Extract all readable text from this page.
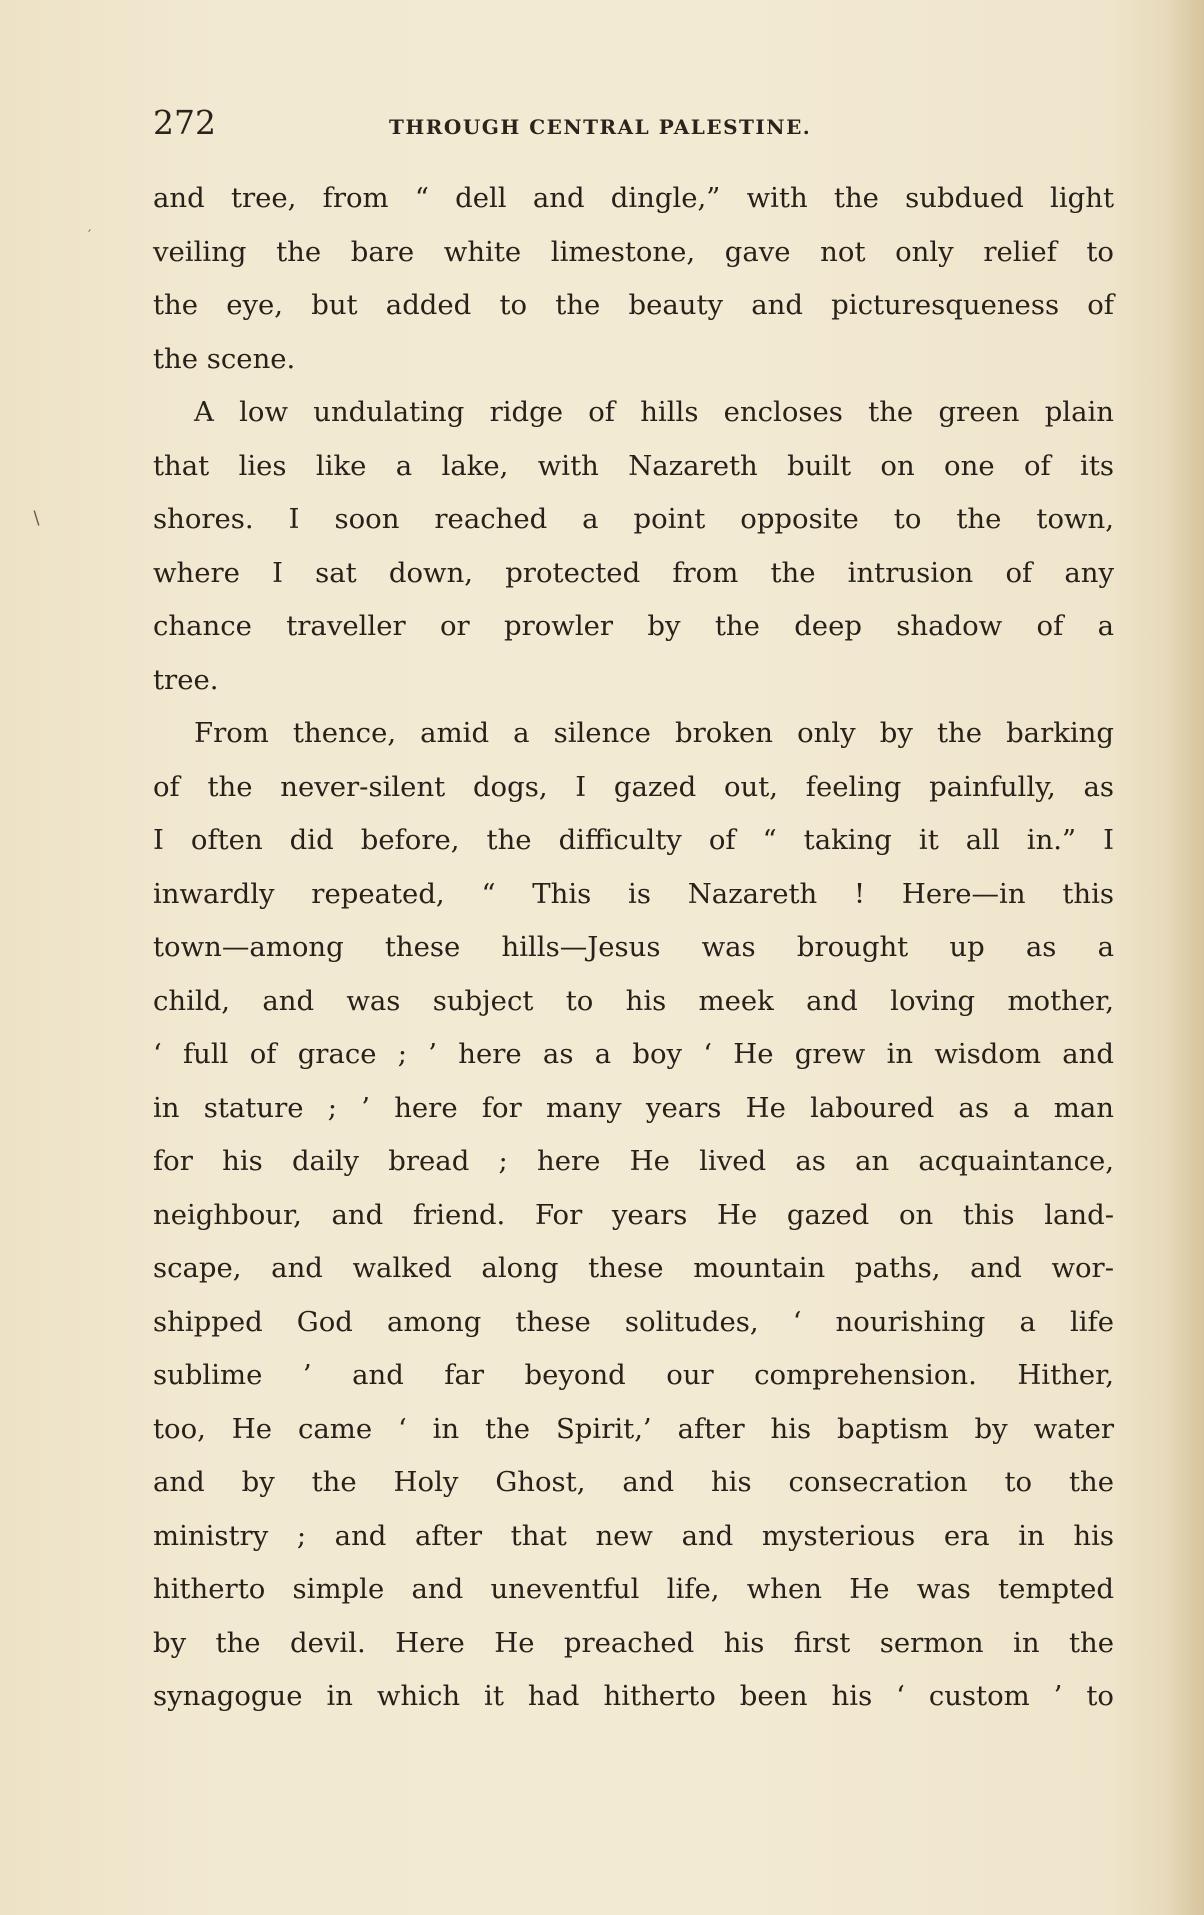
272	THROUGH CENTRAL PALESTINE.
and tree, from “ dell and dingle,” with the subdued light
veiling the bare white limestone, gave not only relief to
the eye, but added to the beauty and picturesqueness of
the scene.
A low undulating ridge of hills encloses the green plain
that lies like a lake, with Nazareth built on one of its
shores. I soon reached a point opposite to the town,
where I sat down, protected from the intrusion of any
chance traveller or prowler by the deep shadow of a
tree.
From thence, amid a silence broken only by the barking
of the never-silent dogs, I gazed out, feeling painfully, as
I often did before, the difficulty of “ taking it all in.” I
inwardly repeated, “ This is Nazareth ! Here—in this
town—among these hills—Jesus was brought up as a
child, and was subject to his meek and loving mother,
‘ full of grace ; ’ here as a boy ‘ He grew in wisdom and
in stature ; ’ here for many years He laboured as a man
for his daily bread ; here He lived as an acquaintance,
neighbour, and friend. For years He gazed on this land-
scape, and walked along these mountain paths, and wor-
shipped God among these solitudes, ‘ nourishing a life
sublime ’ and far beyond our comprehension. Hither,
too, He came ‘ in the Spirit,’ after his baptism by water
and by the Holy Ghost, and his consecration to the
ministry ; and after that new and mysterious era in his
hitherto simple and uneventful life, when He was tempted
by the devil. Here He preached his first sermon in the
synagogue in which it had hitherto been his ‘ custom ’ to
∖
′
